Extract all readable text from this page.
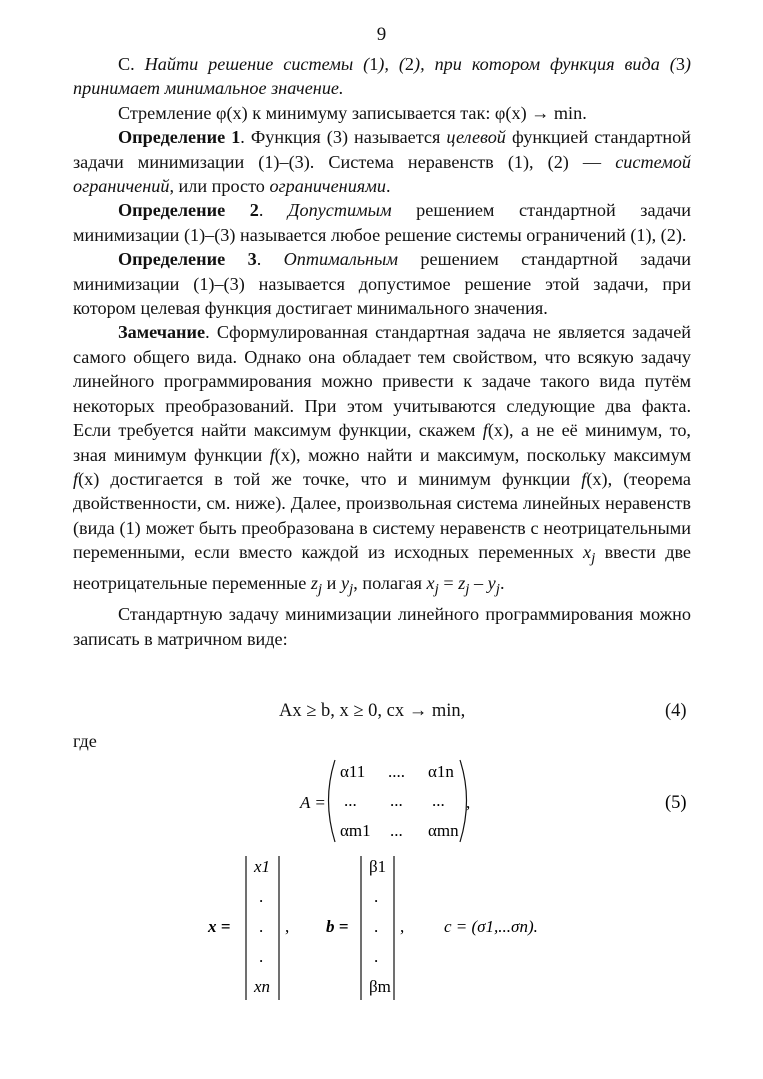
9

С. Найти решение системы (1), (2), при котором функция вида (3) принимает минимальное значение.

Стремление φ(x) к минимуму записывается так: φ(x) → min.

Определение 1. Функция (3) называется целевой функцией стандартной задачи минимизации (1)–(3). Система неравенств (1), (2) — системой ограничений, или просто ограничениями.

Определение 2. Допустимым решением стандартной задачи минимизации (1)–(3) называется любое решение системы ограничений (1), (2).

Определение 3. Оптимальным решением стандартной задачи минимизации (1)–(3) называется допустимое решение этой задачи, при котором целевая функция достигает минимального значения.

Замечание. Сформулированная стандартная задача не является задачей самого общего вида. Однако она обладает тем свойством, что всякую задачу линейного программирования можно привести к задаче такого вида путём некоторых преобразований. При этом учитываются следующие два факта. Если требуется найти максимум функции, скажем f(x), а не её минимум, то, зная минимум функции f(x), можно найти и максимум, поскольку максимум f(x) достигается в той же точке, что и минимум функции f(x), (теорема двойственности, см. ниже). Далее, произвольная система линейных неравенств (вида (1) может быть преобразована в систему неравенств с неотрицательными переменными, если вместо каждой из исходных переменных $x_j$ ввести две неотрицательные переменные $z_j$ и $y_j$, полагая $x_j = z_j - y_j$.

Стандартную задачу минимизации линейного программирования можно записать в матричном виде:

Ax ≥ b, x ≥ 0, cx → min,	(4)
где
A =
α11 .... α1n
... ... ...
αm1 ... αmn
,	(5)
x =
x1
.
.
.
xn
, b =
β1
.
.
.
βm
, c = (σ1,...σn).
